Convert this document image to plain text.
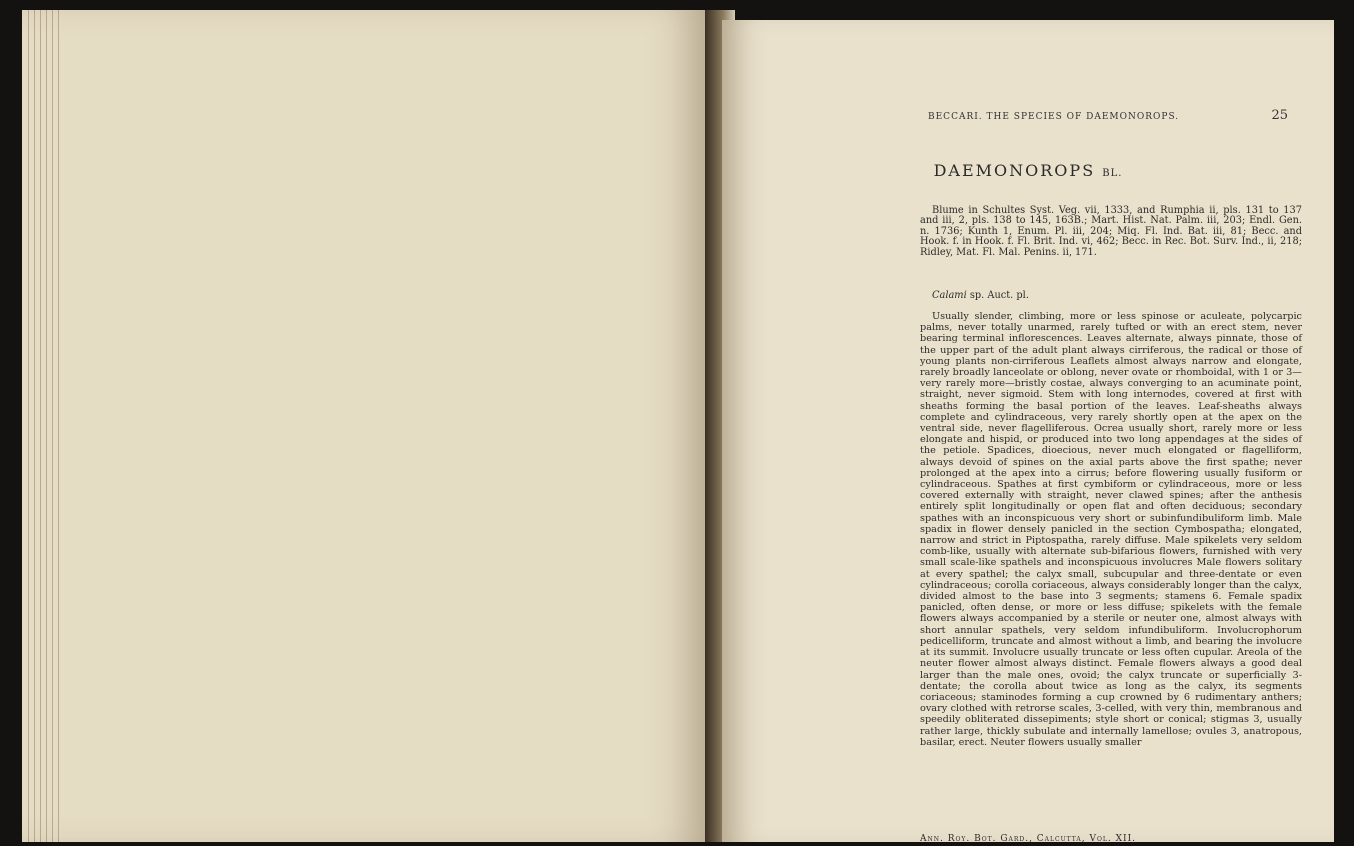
BECCARI. THE SPECIES OF DAEMONOROPS.	25
DAEMONOROPS BL.

Blume in Schultes Syst. Veg. vii, 1333, and Rumphia ii, pls. 131 to 137 and iii, 2, pls. 138 to 145, 163B.; Mart. Hist. Nat. Palm. iii, 203; Endl. Gen. n. 1736; Kunth 1, Enum. Pl. iii, 204; Miq. Fl. Ind. Bat. iii, 81; Becc. and Hook. f. in Hook. f. Fl. Brit. Ind. vi, 462; Becc. in Rec. Bot. Surv. Ind., ii, 218; Ridley, Mat. Fl. Mal. Penins. ii, 171.

Calami sp. Auct. pl.

Usually slender, climbing, more or less spinose or aculeate, polycarpic palms, never totally unarmed, rarely tufted or with an erect stem, never bearing terminal inflorescences. Leaves alternate, always pinnate, those of the upper part of the adult plant always cirriferous, the radical or those of young plants non-cirriferous Leaflets almost always narrow and elongate, rarely broadly lanceolate or oblong, never ovate or rhomboidal, with 1 or 3—very rarely more—bristly costae, always converging to an acuminate point, straight, never sigmoid. Stem with long internodes, covered at first with sheaths forming the basal portion of the leaves. Leaf-sheaths always complete and cylindraceous, very rarely shortly open at the apex on the ventral side, never flagelliferous. Ocrea usually short, rarely more or less elongate and hispid, or produced into two long appendages at the sides of the petiole. Spadices, dioecious, never much elongated or flagelliform, always devoid of spines on the axial parts above the first spathe; never prolonged at the apex into a cirrus; before flowering usually fusiform or cylindraceous. Spathes at first cymbiform or cylindraceous, more or less covered externally with straight, never clawed spines; after the anthesis entirely split longitudinally or open flat and often deciduous; secondary spathes with an inconspicuous very short or subinfundibuliform limb. Male spadix in flower densely panicled in the section Cymbospatha; elongated, narrow and strict in Piptospatha, rarely diffuse. Male spikelets very seldom comb-like, usually with alternate sub-bifarious flowers, furnished with very small scale-like spathels and inconspicuous involucres Male flowers solitary at every spathel; the calyx small, subcupular and three-dentate or even cylindraceous; corolla coriaceous, always considerably longer than the calyx, divided almost to the base into 3 segments; stamens 6. Female spadix panicled, often dense, or more or less diffuse; spikelets with the female flowers always accompanied by a sterile or neuter one, almost always with short annular spathels, very seldom infundibuliform. Involucrophorum pedicelliform, truncate and almost without a limb, and bearing the involucre at its summit. Involucre usually truncate or less often cupular. Areola of the neuter flower almost always distinct. Female flowers always a good deal larger than the male ones, ovoid; the calyx truncate or superficially 3-dentate; the corolla about twice as long as the calyx, its segments coriaceous; staminodes forming a cup crowned by 6 rudimentary anthers; ovary clothed with retrorse scales, 3-celled, with very thin, membranous and speedily obliterated dissepiments; style short or conical; stigmas 3, usually rather large, thickly subulate and internally lamellose; ovules 3, anatropous, basilar, erect. Neuter flowers usually smaller

Ann. Roy. Bot. Gard., Calcutta, Vol. XII.
